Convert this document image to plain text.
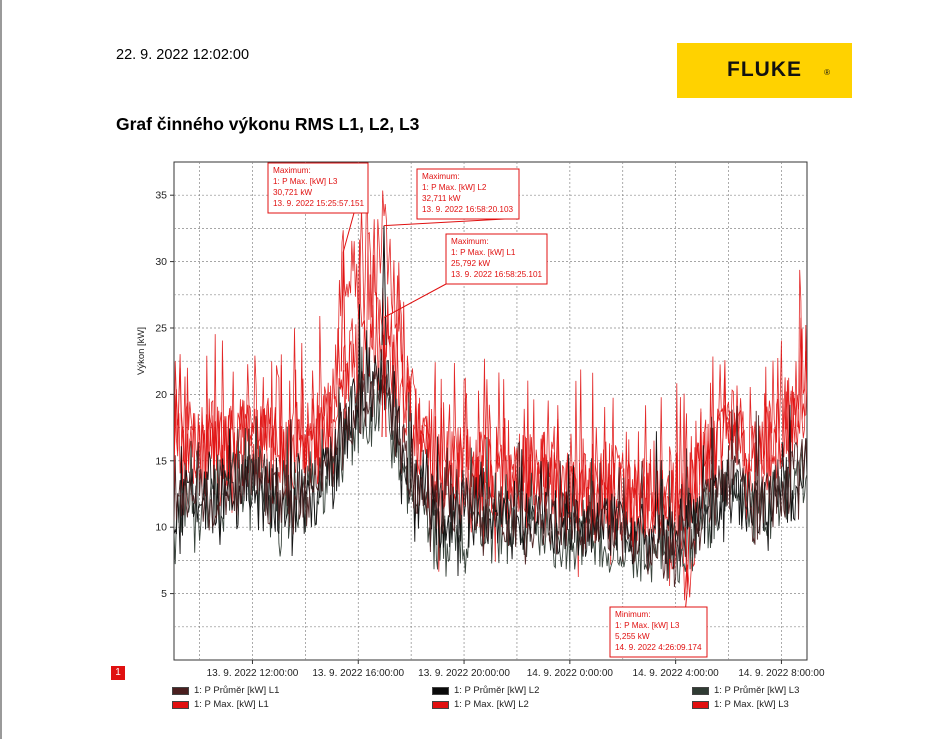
22. 9. 2022 12:02:00
FLUKE	®
Graf činného výkonu RMS L1, L2, L3
5
10
15
20
25
30
35
13. 9. 2022 12:00:00 13. 9. 2022 16:00:00 13. 9. 2022 20:00:00 14. 9. 2022 0:00:00 14. 9. 2022 4:00:00 14. 9. 2022 8:00:00
Výkon [kW]
Maximum:
1: P Max. [kW] L3
30,721 kW
13. 9. 2022 15:25:57.151
Maximum:
1: P Max. [kW] L2
32,711 kW
13. 9. 2022 16:58:20.103
Maximum:
1: P Max. [kW] L1
25,792 kW
13. 9. 2022 16:58:25.101
Minimum:
1: P Max. [kW] L3
5,255 kW
14. 9. 2022 4:26:09.174
1
1: P Průměr [kW] L1	1: P Průměr [kW] L2	1: P Průměr [kW] L3
1: P Max. [kW] L1	1: P Max. [kW] L2	1: P Max. [kW] L3
